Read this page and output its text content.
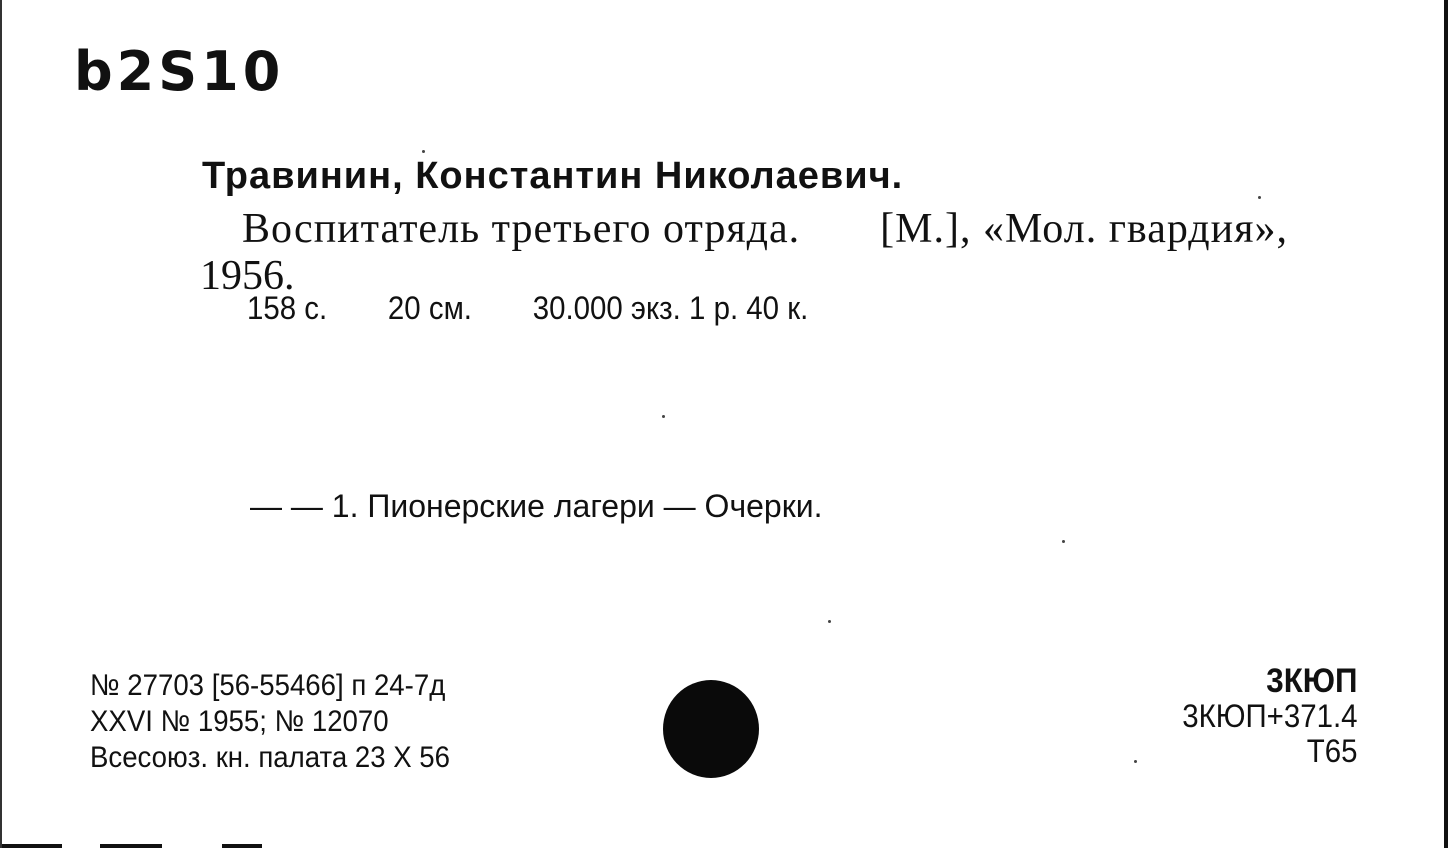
b2S10
Травинин, Константин Николаевич.
Воспитатель третьего отряда. [М.], «Мол. гвардия»,
1956.
158 с. 20 см. 30.000 экз. 1 р. 40 к.
— — 1. Пионерские лагери — Очерки.
№ 27703 [56-55466] п 24-7д
XXVI № 1955; № 12070
Всесоюз. кн. палата 23 X 56
3КЮП
3КЮП+371.4
Т65
